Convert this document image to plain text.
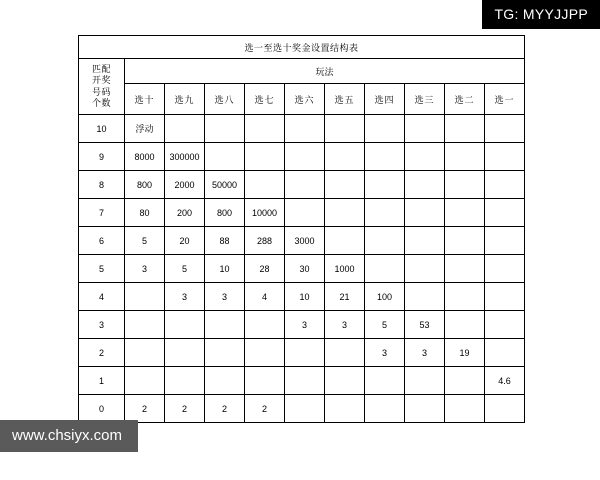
选一至选十奖金设置结构表										

匹配开奖号码个数	玩法									
	选十	选九	选八	选七	选六	选五	选四	选三	选二	选一
10	浮动									
9	8000	300000								
8	800	2000	50000							
7	80	200	800	10000						
6	5	20	88	288	3000					
5	3	5	10	28	30	1000				
4		3	3	4	10	21	100			
3					3	3	5	53		
2							3	3	19	
1										4.6
0	2	2	2	2						
TG: MYYJJPP
www.chsiyx.com
